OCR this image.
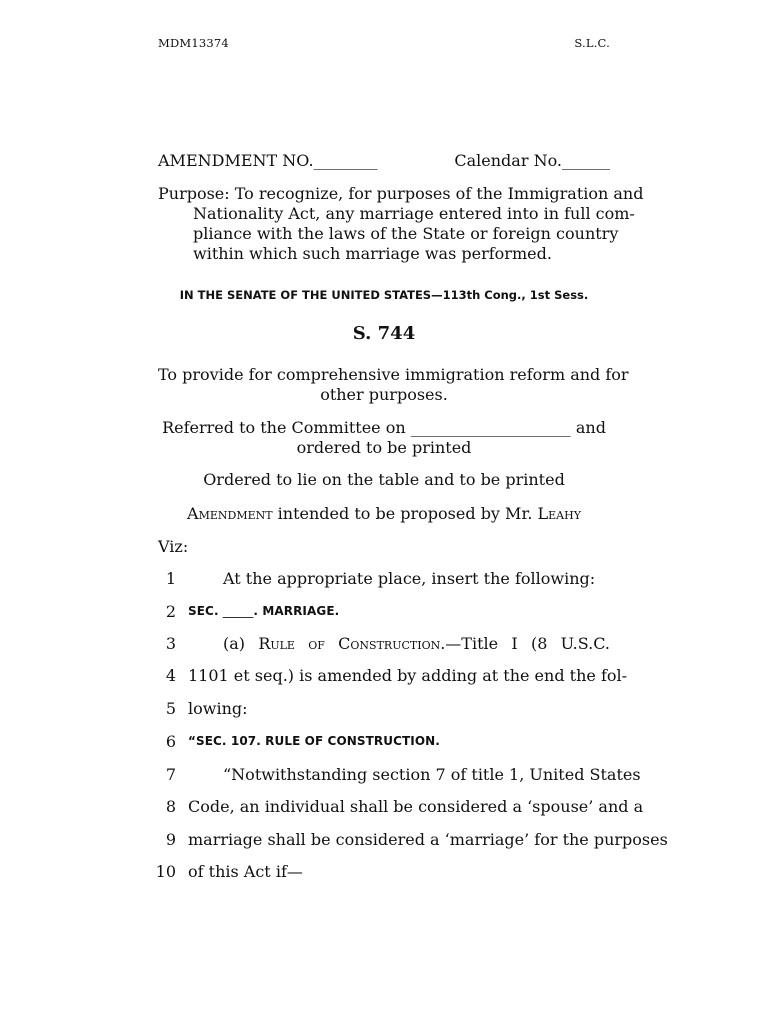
MDM13374	S.L.C.
AMENDMENT NO.________	Calendar No.______
Purpose: To recognize, for purposes of the Immigration and
Nationality Act, any marriage entered into in full com-
pliance with the laws of the State or foreign country
within which such marriage was performed.
IN THE SENATE OF THE UNITED STATES—113th Cong., 1st Sess.
S. 744
To provide for comprehensive immigration reform and for
other purposes.
Referred to the Committee on ____________________ and
ordered to be printed
Ordered to lie on the table and to be printed
Amendment intended to be proposed by Mr. Leahy
Viz:
1	At the appropriate place, insert the following:
2 SEC. _____. MARRIAGE.
3	(a) Rule of Construction.—Title I (8 U.S.C.
4 1101 et seq.) is amended by adding at the end the fol-
5 lowing:
6 “SEC. 107. RULE OF CONSTRUCTION.
7	“Notwithstanding section 7 of title 1, United States
8 Code, an individual shall be considered a ‘spouse’ and a
9 marriage shall be considered a ‘marriage’ for the purposes
10 of this Act if—
